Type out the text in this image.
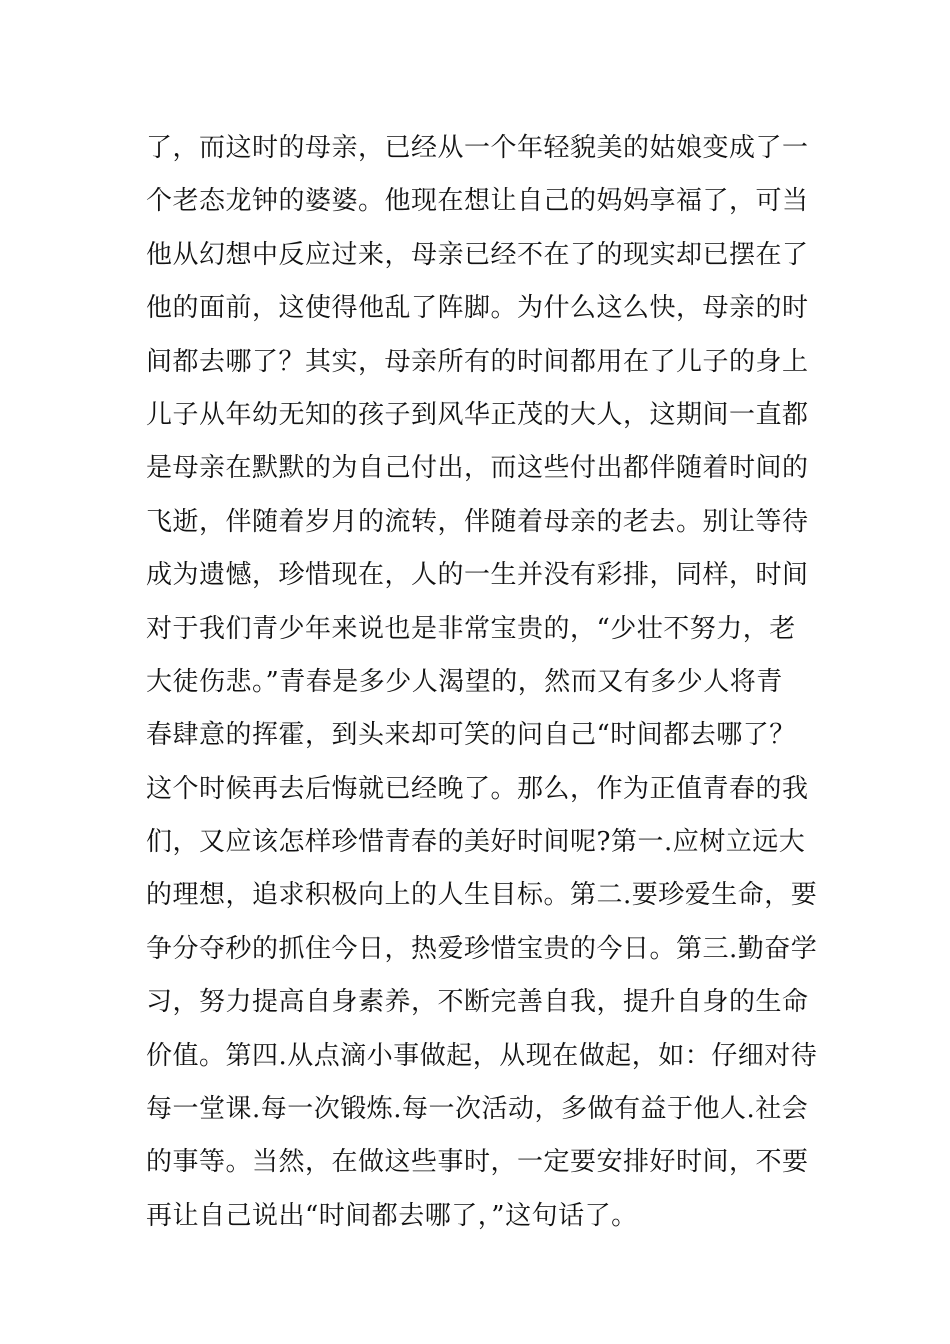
了，而这时的母亲，已经从一个年轻貌美的姑娘变成了一
个老态龙钟的婆婆。他现在想让自己的妈妈享福了，可当
他从幻想中反应过来，母亲已经不在了的现实却已摆在了
他的面前，这使得他乱了阵脚。为什么这么快，母亲的时
间都去哪了？其实，母亲所有的时间都用在了儿子的身上
儿子从年幼无知的孩子到风华正茂的大人，这期间一直都
是母亲在默默的为自己付出，而这些付出都伴随着时间的
飞逝，伴随着岁月的流转，伴随着母亲的老去。别让等待
成为遗憾，珍惜现在，人的一生并没有彩排，同样，时间
对于我们青少年来说也是非常宝贵的，“少壮不努力，老
大徒伤悲。”青春是多少人渴望的，然而又有多少人将青
春肆意的挥霍，到头来却可笑的问自己“时间都去哪了？
这个时候再去后悔就已经晚了。那么，作为正值青春的我
们，又应该怎样珍惜青春的美好时间呢?第一.应树立远大
的理想，追求积极向上的人生目标。第二.要珍爱生命，要
争分夺秒的抓住今日，热爱珍惜宝贵的今日。第三.勤奋学
习，努力提高自身素养，不断完善自我，提升自身的生命
价值。第四.从点滴小事做起，从现在做起，如：仔细对待
每一堂课.每一次锻炼.每一次活动，多做有益于他人.社会
的事等。当然，在做这些事时，一定要安排好时间，不要
再让自己说出“时间都去哪了，”这句话了。
